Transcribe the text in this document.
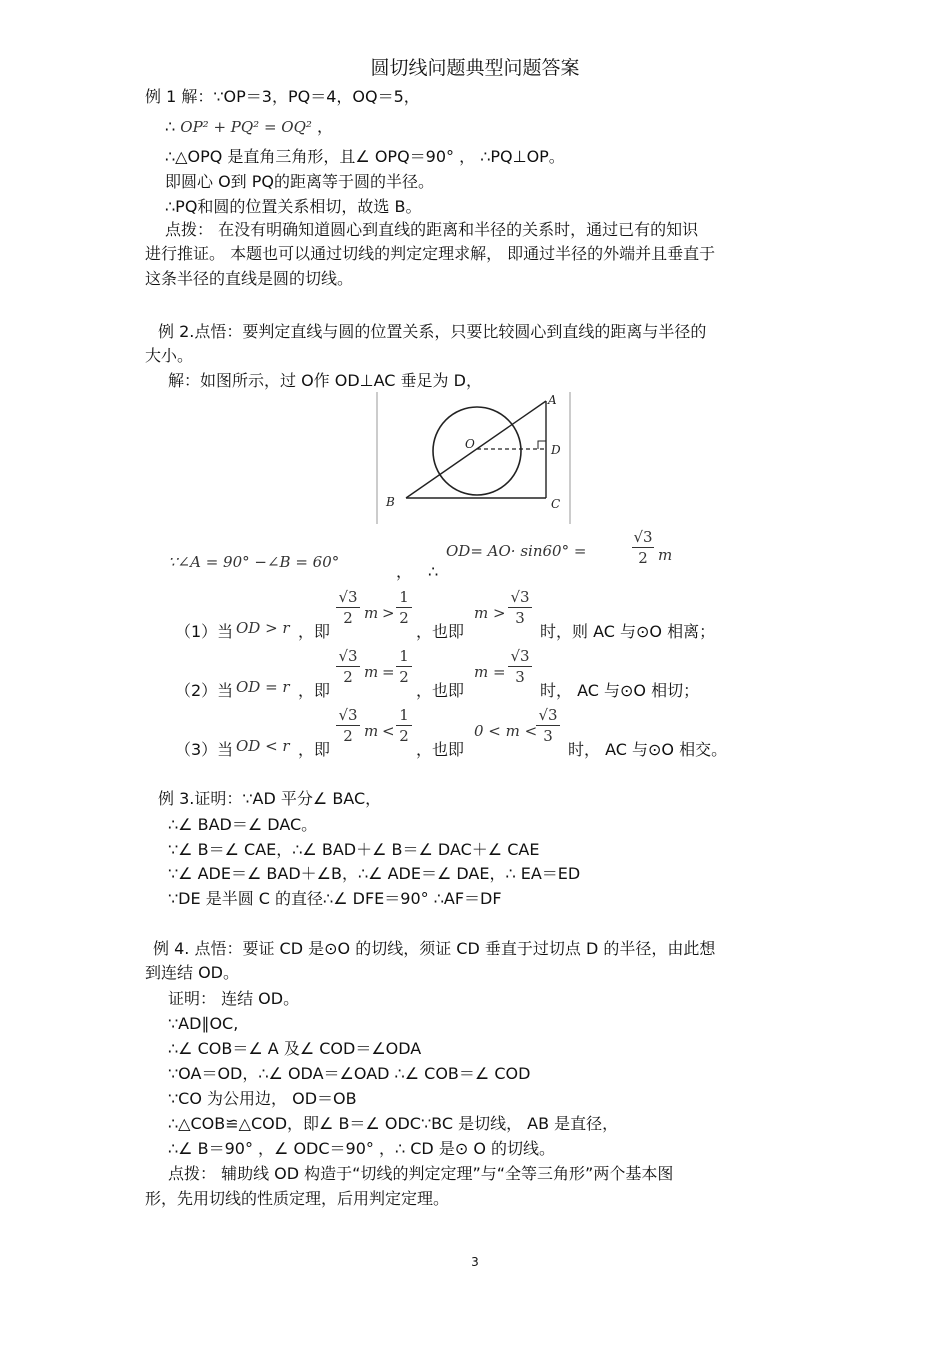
圆切线问题典型问题答案
例 1 解：∵OP＝3，PQ＝4，OQ＝5，
∴ OP² + PQ² = OQ² ，
∴△OPQ 是直角三角形，且∠ OPQ＝90° ， ∴PQ⊥OP。
即圆心 O到 PQ的距离等于圆的半径。
∴PQ和圆的位置关系相切，故选 B。
点拨： 在没有明确知道圆心到直线的距离和半径的关系时，通过已有的知识
进行推证。 本题也可以通过切线的判定定理求解， 即通过半径的外端并且垂直于
这条半径的直线是圆的切线。
例 2.点悟：要判定直线与圆的位置关系，只要比较圆心到直线的距离与半径的
大小。
解：如图所示，过 O作 OD⊥AC 垂足为 D，
A
O	D
B	C
∵∠A = 90° −∠B = 60°	， ∴
OD= AO· sin60° =
√3
2 m
（1）当 OD > r ，即
√3
2 m >
1
2
，也即
m >
√3
3
时，则 AC 与⊙O 相离；
（2）当 OD = r ，即
√3
2 m =
1
2
，也即
m =
√3
3
时， AC 与⊙O 相切；
（3）当 OD < r ，即
√3
2 m <
1
2
，也即
0 < m <
√3
3
时， AC 与⊙O 相交。
例 3.证明：∵AD 平分∠ BAC，
∴∠ BAD＝∠ DAC。
∵∠ B＝∠ CAE，∴∠ BAD＋∠ B＝∠ DAC＋∠ CAE
∵∠ ADE＝∠ BAD＋∠B，∴∠ ADE＝∠ DAE，∴ EA＝ED
∵DE 是半圆 C 的直径∴∠ DFE＝90° ∴AF＝DF
例 4. 点悟：要证 CD 是⊙O 的切线，须证 CD 垂直于过切点 D 的半径，由此想
到连结 OD。
证明： 连结 OD。
∵AD∥OC,
∴∠ COB＝∠ A 及∠ COD＝∠ODA
∵OA＝OD，∴∠ ODA＝∠OAD ∴∠ COB＝∠ COD
∵CO 为公用边， OD＝OB
∴△COB≌△COD，即∠ B＝∠ ODC∵BC 是切线， AB 是直径，
∴∠ B＝90° ，∠ ODC＝90° ，∴ CD 是⊙ O 的切线。
点拨： 辅助线 OD 构造于“切线的判定定理”与“全等三角形”两个基本图
形，先用切线的性质定理，后用判定定理。
3
